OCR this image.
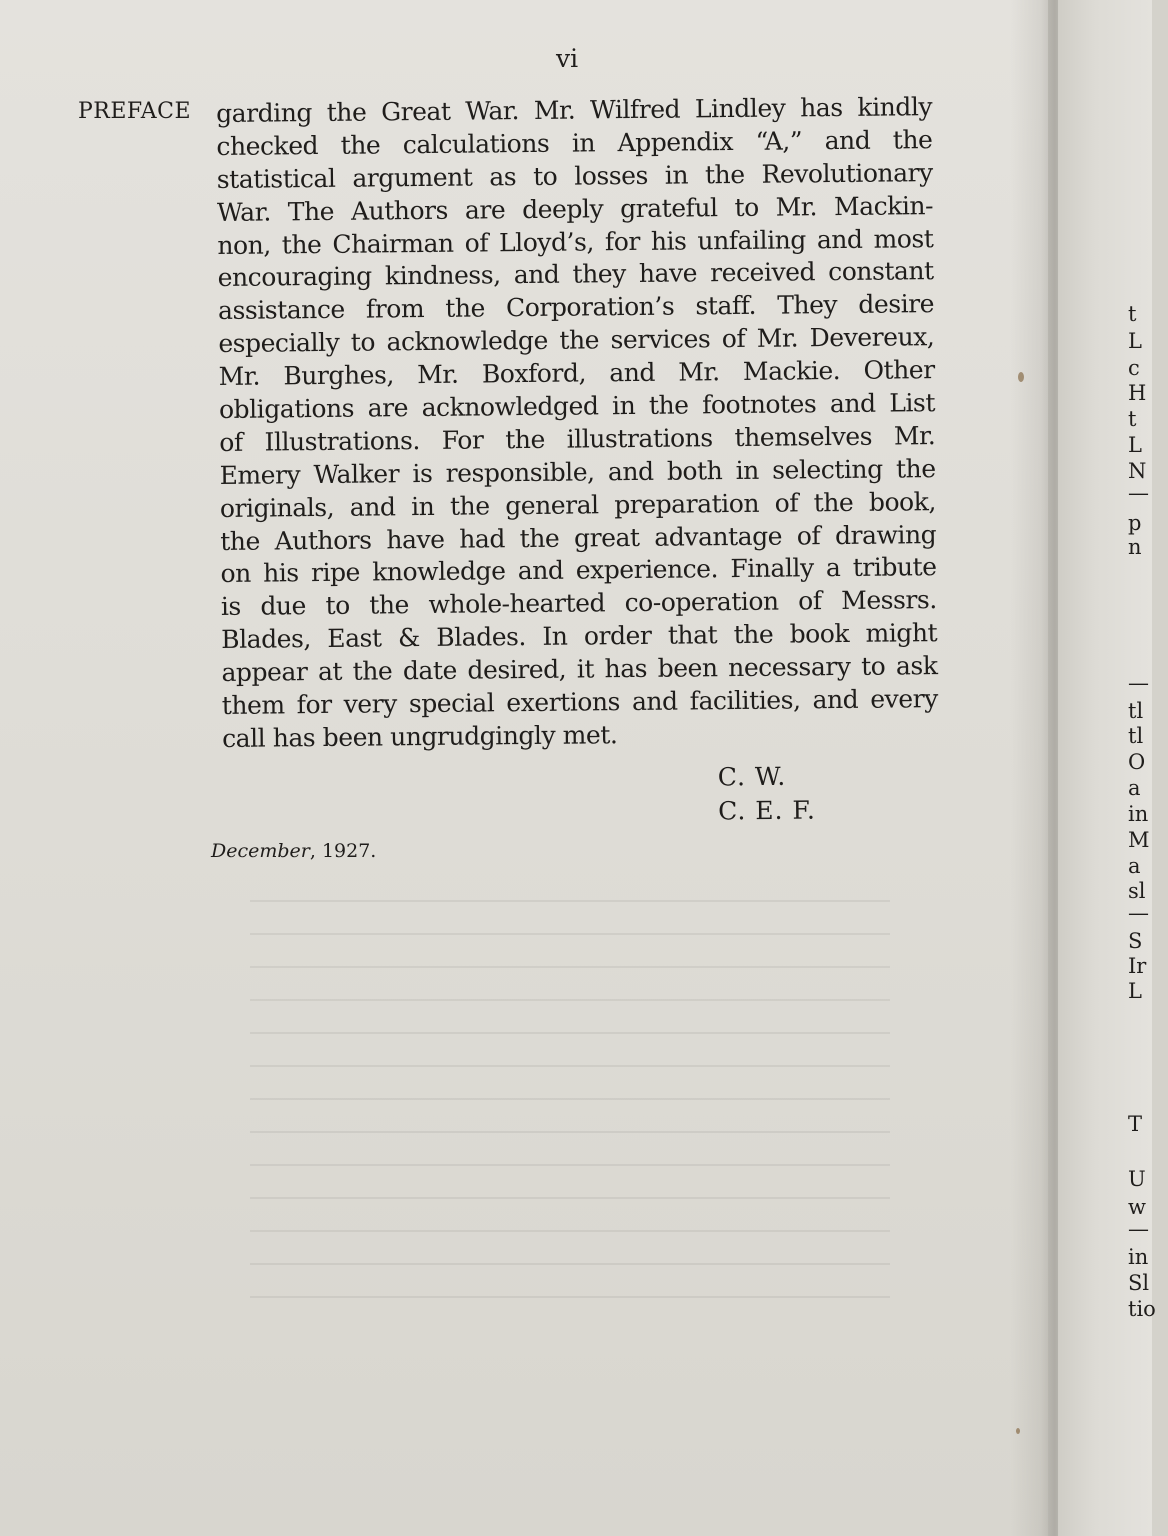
vi
PREFACE garding the Great War. Mr. Wilfred Lindley has kindly
checked the calculations in Appendix “A,” and the
statistical argument as to losses in the Revolutionary
War. The Authors are deeply grateful to Mr. Mackin-
non, the Chairman of Lloyd’s, for his unfailing and most
encouraging kindness, and they have received constant
assistance from the Corporation’s staff. They desire
especially to acknowledge the services of Mr. Devereux,
Mr. Burghes, Mr. Boxford, and Mr. Mackie. Other
obligations are acknowledged in the footnotes and List
of Illustrations. For the illustrations themselves Mr.
Emery Walker is responsible, and both in selecting the
originals, and in the general preparation of the book,
the Authors have had the great advantage of drawing
on his ripe knowledge and experience. Finally a tribute
is due to the whole-hearted co-operation of Messrs.
Blades, East & Blades. In order that the book might
appear at the date desired, it has been necessary to ask
them for very special exertions and facilities, and every
call has been ungrudgingly met.
C. W.
C. E. F.
December, 1927.
t
L
c
H
t
L
N
—
p
n
—
tl
tl
O
a
in
M
a
sl
—
S
Ir
L
T
U
w
—
in
Sl
tio
